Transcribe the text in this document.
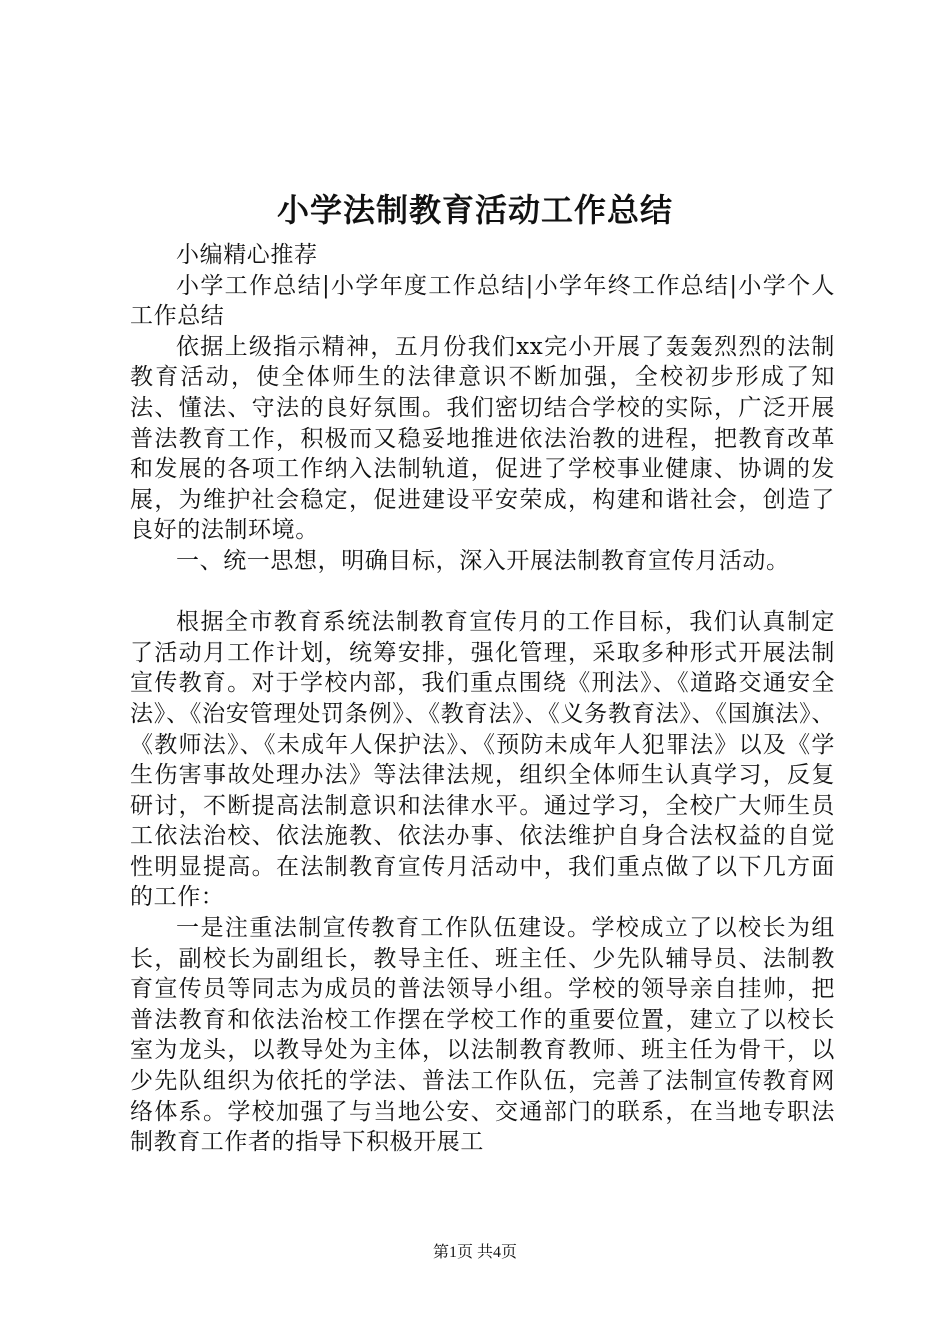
小学法制教育活动工作总结

小编精心推荐

小学工作总结|小学年度工作总结|小学年终工作总结|小学个人工作总结

依据上级指示精神，五月份我们xx完小开展了轰轰烈烈的法制教育活动，使全体师生的法律意识不断加强，全校初步形成了知法、懂法、守法的良好氛围。我们密切结合学校的实际，广泛开展普法教育工作，积极而又稳妥地推进依法治教的进程，把教育改革和发展的各项工作纳入法制轨道，促进了学校事业健康、协调的发展，为维护社会稳定，促进建设平安荣成，构建和谐社会，创造了良好的法制环境。

一、统一思想，明确目标，深入开展法制教育宣传月活动。

根据全市教育系统法制教育宣传月的工作目标，我们认真制定了活动月工作计划，统筹安排，强化管理，采取多种形式开展法制宣传教育。对于学校内部，我们重点围绕《刑法》、《道路交通安全法》、《治安管理处罚条例》、《教育法》、《义务教育法》、《国旗法》、《教师法》、《未成年人保护法》、《预防未成年人犯罪法》以及《学生伤害事故处理办法》等法律法规，组织全体师生认真学习，反复研讨，不断提高法制意识和法律水平。通过学习，全校广大师生员工依法治校、依法施教、依法办事、依法维护自身合法权益的自觉性明显提高。在法制教育宣传月活动中，我们重点做了以下几方面的工作：

一是注重法制宣传教育工作队伍建设。学校成立了以校长为组长，副校长为副组长，教导主任、班主任、少先队辅导员、法制教育宣传员等同志为成员的普法领导小组。学校的领导亲自挂帅，把普法教育和依法治校工作摆在学校工作的重要位置，建立了以校长室为龙头，以教导处为主体，以法制教育教师、班主任为骨干，以少先队组织为依托的学法、普法工作队伍，完善了法制宣传教育网络体系。学校加强了与当地公安、交通部门的联系，在当地专职法制教育工作者的指导下积极开展工

第1页 共4页
